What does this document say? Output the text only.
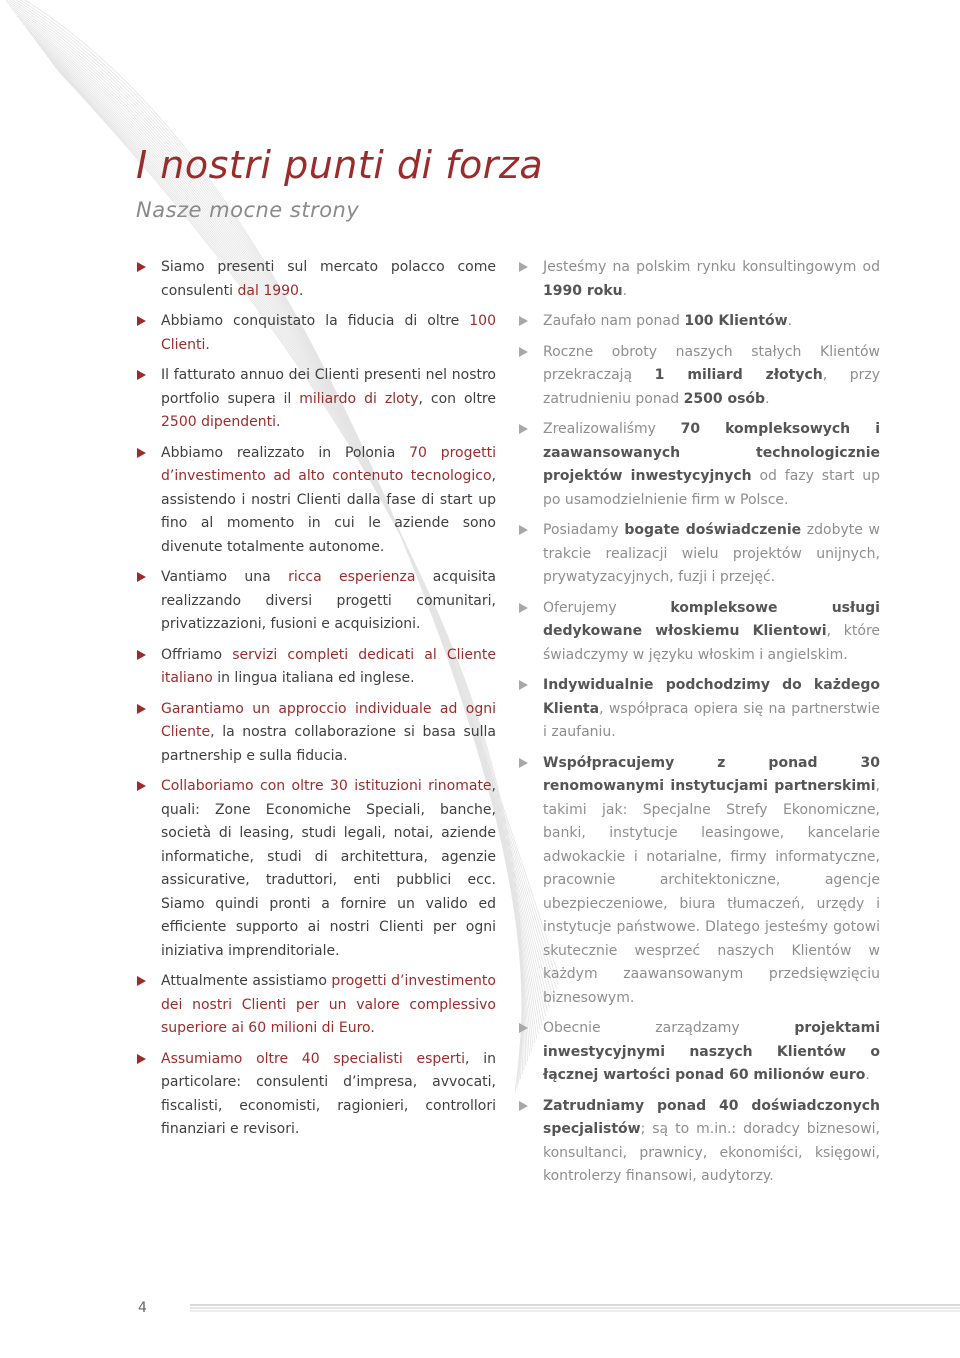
I nostri punti di forza
Nasze mocne strony
Siamo presenti sul mercato polacco come consulenti dal 1990.
Abbiamo conquistato la fiducia di oltre 100 Clienti.
Il fatturato annuo dei Clienti presenti nel nostro portfolio supera il miliardo di zloty, con oltre 2500 dipendenti.
Abbiamo realizzato in Polonia 70 progetti d’investimento ad alto contenuto tecnologico, assistendo i nostri Clienti dalla fase di start up fino al momento in cui le aziende sono divenute totalmente autonome.
Vantiamo una ricca esperienza acquisita realizzando diversi progetti comunitari, privatizzazioni, fusioni e acquisizioni.
Offriamo servizi completi dedicati al Cliente italiano in lingua italiana ed inglese.
Garantiamo un approccio individuale ad ogni Cliente, la nostra collaborazione si basa sulla partnership e sulla fiducia.
Collaboriamo con oltre 30 istituzioni rinomate, quali: Zone Economiche Speciali, banche, società di leasing, studi legali, notai, aziende informatiche, studi di architettura, agenzie assicurative, traduttori, enti pubblici ecc. Siamo quindi pronti a fornire un valido ed efficiente supporto ai nostri Clienti per ogni iniziativa imprenditoriale.
Attualmente assistiamo progetti d’investimento dei nostri Clienti per un valore complessivo superiore ai 60 milioni di Euro.
Assumiamo oltre 40 specialisti esperti, in particolare: consulenti d’impresa, avvocati, fiscalisti, economisti, ragionieri, controllori finanziari e revisori.
Jesteśmy na polskim rynku konsultingowym od 1990 roku.
Zaufało nam ponad 100 Klientów.
Roczne obroty naszych stałych Klientów przekraczają 1 miliard złotych, przy zatrudnieniu ponad 2500 osób.
Zrealizowaliśmy 70 kompleksowych i zaawansowanych technologicznie projektów inwestycyjnych od fazy start up po usamodzielnienie firm w Polsce.
Posiadamy bogate doświadczenie zdobyte w trakcie realizacji wielu projektów unijnych, prywatyzacyjnych, fuzji i przejęć.
Oferujemy kompleksowe usługi dedykowane włoskiemu Klientowi, które świadczymy w języku włoskim i angielskim.
Indywidualnie podchodzimy do każdego Klienta, współpraca opiera się na partnerstwie i zaufaniu.
Współpracujemy z ponad 30 renomowanymi instytucjami partnerskimi, takimi jak: Specjalne Strefy Ekonomiczne, banki, instytucje leasingowe, kancelarie adwokackie i notarialne, firmy informatyczne, pracownie architektoniczne, agencje ubezpieczeniowe, biura tłumaczeń, urzędy i instytucje państwowe. Dlatego jesteśmy gotowi skutecznie wesprzeć naszych Klientów w każdym zaawansowanym przedsięwzięciu biznesowym.
Obecnie zarządzamy projektami inwestycyjnymi naszych Klientów o łącznej wartości ponad 60 milionów euro.
Zatrudniamy ponad 40 doświadczonych specjalistów; są to m.in.: doradcy biznesowi, konsultanci, prawnicy, ekonomiści, księgowi, kontrolerzy finansowi, audytorzy.
4
